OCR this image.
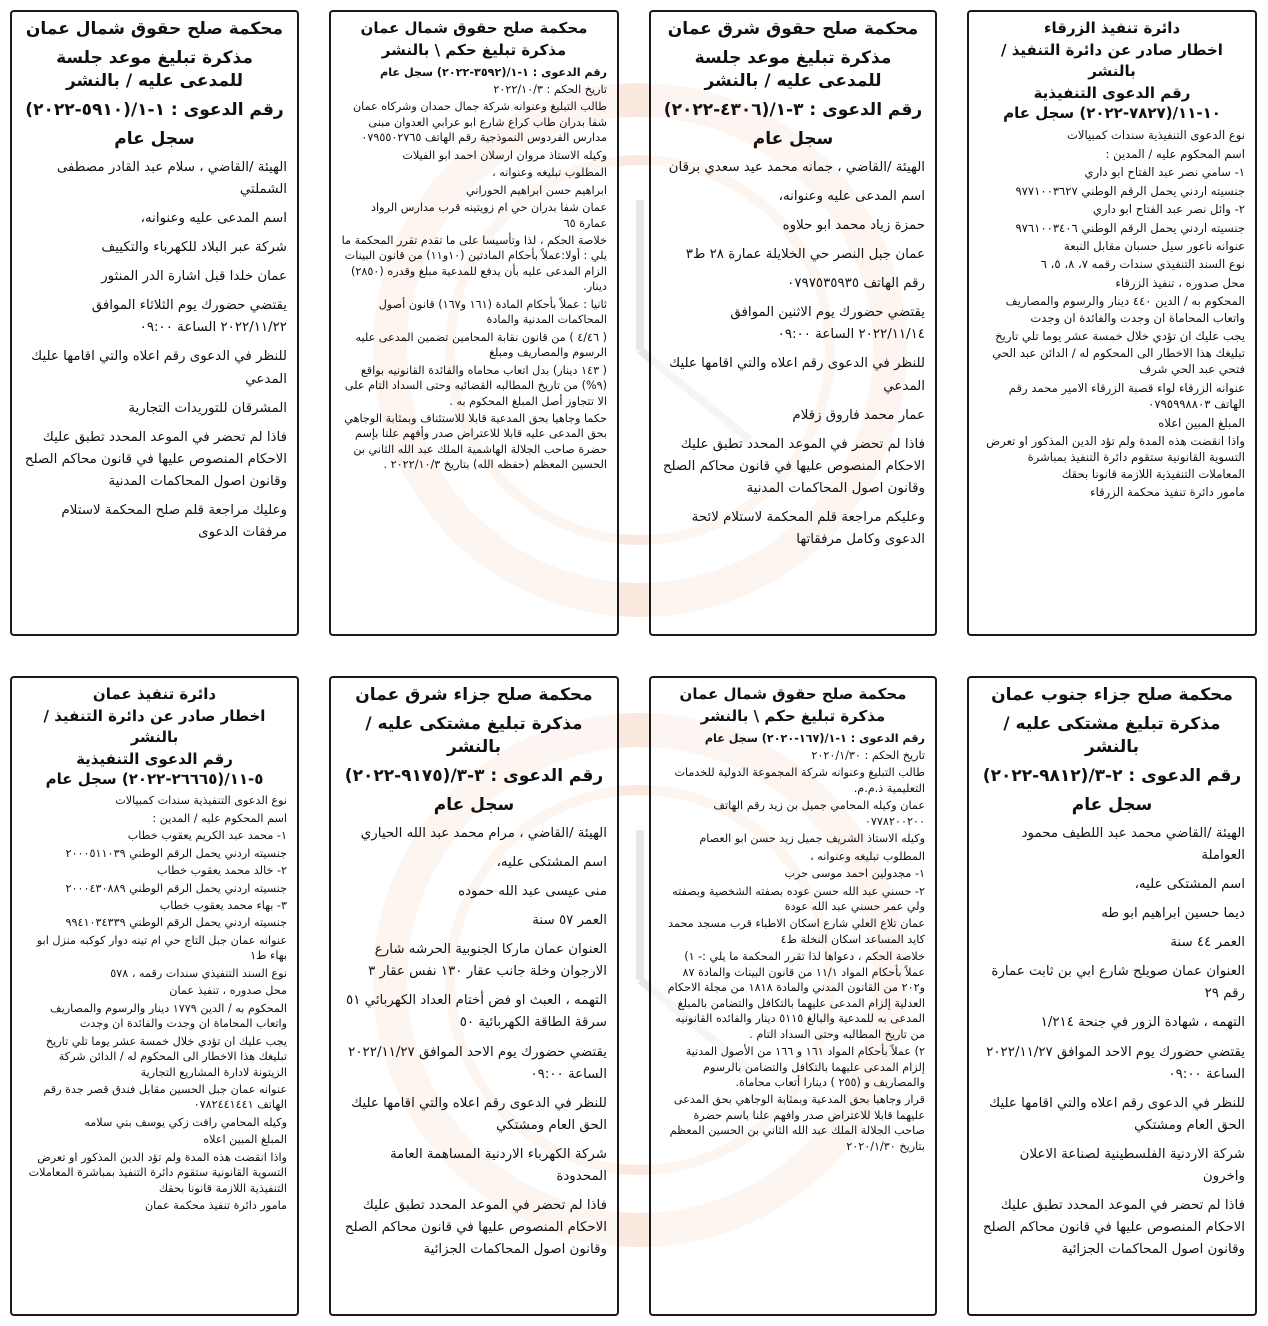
دائرة تنفيذ الزرقاء
اخطار صادر عن دائرة التنفيذ / بالنشر
رقم الدعوى التنفيذية ١٠-١١/(٧٨٢٧-٢٠٢٢) سجل عام

نوع الدعوى التنفيذية سندات كمبيالات

اسم المحكوم عليه / المدين :

١- سامي نصر عبد الفتاح ابو داري

جنسيته اردني يحمل الرقم الوطني ٩٧٧١٠٠٣٦٢٧

٢- وائل نصر عبد الفتاح ابو داري

جنسيته اردني يحمل الرقم الوطني ٩٧٦١٠٠٣٤٠٦

عنوانه ناعور سيل حسبان مقابل النبعة

نوع السند التنفيذي سندات رقمه ٧، ٨، ٥، ٦

محل صدوره ، تنفيذ الزرقاء

المحكوم به / الدين ٤٤٠ دينار والرسوم والمصاريف واتعاب المحاماة ان وجدت والفائدة ان وجدت

يجب عليك ان تؤدي خلال خمسة عشر يوما تلي تاريخ تبليغك هذا الاخطار الى المحكوم له / الدائن عبد الحي فتحي عبد الحي شرف

عنوانه الزرقاء لواء قصبة الزرقاء الامير محمد رقم الهاتف ٠٧٩٥٩٩٨٨٠٣

المبلغ المبين اعلاه

واذا انقضت هذه المدة ولم تؤد الدين المذكور او تعرض التسوية القانونية ستقوم دائرة التنفيذ بمباشرة المعاملات التنفيذية اللازمة قانونا بحقك

مامور دائرة تنفيذ محكمة الزرقاء

محكمة صلح حقوق شرق عمان
مذكرة تبليغ موعد جلسة للمدعى عليه / بالنشر
رقم الدعوى : ٣-١/(٤٣٠٦-٢٠٢٢)
سجل عام

الهيئة /القاضي ، جمانه محمد عيد سعدي برقان

اسم المدعى عليه وعنوانه،

حمزة زياد محمد ابو حلاوه

عمان جبل النصر حي الخلايلة عمارة ٢٨ ط٣

رقم الهاتف ٠٧٩٧٥٣٥٩٣٥

يقتضي حضورك يوم الاثنين الموافق ٢٠٢٢/١١/١٤ الساعة ٠٩:٠٠

للنظر في الدعوى رقم اعلاه والتي اقامها عليك المدعي

عمار محمد فاروق زقلام

فاذا لم تحضر في الموعد المحدد تطبق عليك الاحكام المنصوص عليها في قانون محاكم الصلح وقانون اصول المحاكمات المدنية

وعليكم مراجعة قلم المحكمة لاستلام لائحة الدعوى وكامل مرفقاتها

محكمة صلح حقوق شمال عمان
مذكرة تبليغ حكم \ بالنشر

رقم الدعوى : ١-١/(٣٥٩٢-٢٠٢٢) سجل عام

تاريخ الحكم : ٢٠٢٢/١٠/٣

طالب التبليغ وعنوانه شركة جمال حمدان وشركاه عمان شفا بدران طاب كراع شارع ابو عرابي العدوان مبنى مدارس الفردوس النموذجية رقم الهاتف ٠٧٩٥٥٠٢٧٦٥

وكيله الاستاذ مروان ارسلان احمد ابو الفيلات

المطلوب تبليغه وعنوانه ،

ابراهيم حسن ابراهيم الحوراني

عمان شفا بدران حي ام زويتينه قرب مدارس الرواد عمارة ٦٥

خلاصة الحكم ، لذا وتأسيسا على ما تقدم تقرر المحكمة ما يلي : أولا:عملاً بأحكام المادتين (١٠و١١) من قانون البينات الزام المدعى عليه بأن يدفع للمدعية مبلغ وقدره (٢٨٥٠) دينار.

ثانيا : عملاً بأحكام المادة (١٦١ و١٦٧) قانون أصول المحاكمات المدنية والمادة

( ٤/٤٦ ) من قانون نقابة المحامين تضمين المدعى عليه الرسوم والمصاريف ومبلغ

( ١٤٣ دينار) بدل اتعاب محاماه والفائدة القانونيه بواقع (٩%) من تاريخ المطالبه القضائيه وحتى السداد التام على الا تتجاوز أصل المبلغ المحكوم به .

حكما وجاهيا بحق المدعية قابلا للاستئناف وبمثابة الوجاهي بحق المدعى عليه قابلا للاعتراض صدر وأفهم علنا بإسم حضرة صاحب الجلالة الهاشمية الملك عبد الله الثاني بن الحسين المعظم (حفظه الله) بتاريخ ٢٠٢٢/١٠/٣ .

محكمة صلح حقوق شمال عمان
مذكرة تبليغ موعد جلسة للمدعى عليه / بالنشر
رقم الدعوى : ١-١/(٥٩١٠-٢٠٢٢)
سجل عام

الهيئة /القاضي ، سلام عبد القادر مصطفى الشملتي

اسم المدعى عليه وعنوانه،

شركة عبر البلاد للكهرباء والتكييف

عمان خلدا قبل اشارة الدر المنثور

يقتضي حضورك يوم الثلاثاء الموافق ٢٠٢٢/١١/٢٢ الساعة ٠٩:٠٠

للنظر في الدعوى رقم اعلاه والتي اقامها عليك المدعي

المشرقان للتوريدات التجارية

فاذا لم تحضر في الموعد المحدد تطبق عليك الاحكام المنصوص عليها في قانون محاكم الصلح وقانون اصول المحاكمات المدنية

وعليك مراجعة قلم صلح المحكمة لاستلام مرفقات الدعوى

محكمة صلح جزاء جنوب عمان
مذكرة تبليغ مشتكى عليه / بالنشر
رقم الدعوى : ٢-٣/(٩٨١٢-٢٠٢٢)
سجل عام

الهيئة /القاضي محمد عبد اللطيف محمود العواملة

اسم المشتكى عليه،

ديما حسين ابراهيم ابو طه

العمر ٤٤ سنة

العنوان عمان صويلح شارع ابي بن ثابت عمارة رقم ٢٩

التهمه ، شهادة الزور في جنحة ١/٢١٤

يقتضي حضورك يوم الاحد الموافق ٢٠٢٢/١١/٢٧ الساعة ٠٩:٠٠

للنظر في الدعوى رقم اعلاه والتي اقامها عليك الحق العام ومشتكي

شركة الاردنية الفلسطينية لصناعة الاعلان واخرون

فاذا لم تحضر في الموعد المحدد تطبق عليك الاحكام المنصوص عليها في قانون محاكم الصلح وقانون اصول المحاكمات الجزائية

محكمة صلح حقوق شمال عمان
مذكرة تبليغ حكم \ بالنشر

رقم الدعوى : ١-١/(١٦٧-٢٠٢٠) سجل عام

تاريخ الحكم : ٢٠٢٠/١/٣٠

طالب التبليغ وعنوانه شركة المجموعة الدولية للخدمات التعليمية ذ.م.م.

عمان وكيله المحامي جميل بن زيد رقم الهاتف ٠٧٧٨٢٠٠٢٠٠

وكيله الاستاذ الشريف جميل زيد حسن ابو العصام

المطلوب تبليغه وعنوانه ،

١- مجدولين احمد موسى حرب

٢- حسني عبد الله حسن عوده بصفته الشخصية وبصفته ولي عمر حسني عبد الله عودة

عمان تلاع العلي شارع اسكان الاطباء قرب مسجد محمد كايد المساعد اسكان النخلة ط٤

خلاصة الحكم ، دعواها لذا تقرر المحكمة ما يلي :- ١) عملاً بأحكام المواد ١١/١ من قانون البينات والمادة ٨٧ و٢٠٢ من القانون المدني والمادة ١٨١٨ من مجلة الاحكام العدلية إلزام المدعى عليهما بالتكافل والتضامن بالمبلغ المدعى به للمدعية والبالغ ٥١١٥ دينار والفائده القانونيه من تاريخ المطالبه وحتى السداد التام .

٢) عملاً بأحكام المواد ١٦١ و ١٦٦ من الأصول المدنية إلزام المدعى عليهما بالتكافل والتضامن بالرسوم والمصاريف و (٢٥٥ ) دينارا أتعاب محاماة.

قرار وجاهيا بحق المدعية وبمثابة الوجاهي بحق المدعى عليهما قابلا للاعتراض صدر وافهم علنا باسم حضرة صاحب الجلالة الملك عبد الله الثاني بن الحسين المعظم بتاريخ ٢٠٢٠/١/٣٠

محكمة صلح جزاء شرق عمان
مذكرة تبليغ مشتكى عليه / بالنشر
رقم الدعوى : ٣-٣/(٩١٧٥-٢٠٢٢)
سجل عام

الهيئة /القاضي ، مرام محمد عبد الله الحياري

اسم المشتكى عليه،

منى عيسى عبد الله حموده

العمر ٥٧ سنة

العنوان عمان ماركا الجنوبية الحرشه شارع الارجوان وخلة جانب عقار ١٣٠ نفس عقار ٣

التهمه ، العبث او فض أختام العداد الكهربائي ٥١ سرقة الطاقة الكهربائية ٥٠

يقتضي حضورك يوم الاحد الموافق ٢٠٢٢/١١/٢٧ الساعة ٠٩:٠٠

للنظر في الدعوى رقم اعلاه والتي اقامها عليك الحق العام ومشتكي

شركة الكهرباء الاردنية المساهمة العامة المحدودة

فاذا لم تحضر في الموعد المحدد تطبق عليك الاحكام المنصوص عليها في قانون محاكم الصلح وقانون اصول المحاكمات الجزائية

دائرة تنفيذ عمان
اخطار صادر عن دائرة التنفيذ / بالنشر
رقم الدعوى التنفيذية ٥-١١/(٢٦٦٦٥-٢٠٢٢) سجل عام

نوع الدعوى التنفيذية سندات كمبيالات

اسم المحكوم عليه / المدين :

١- محمد عبد الكريم يعقوب خطاب

جنسيته اردني يحمل الرقم الوطني ٢٠٠٠٥١١٠٣٩

٢- خالد محمد يعقوب خطاب

جنسيته اردني يحمل الرقم الوطني ٢٠٠٠٤٣٠٨٨٩

٣- بهاء محمد يعقوب خطاب

جنسيته اردني يحمل الرقم الوطني ٩٩٤١٠٣٤٣٣٩

عنوانه عمان جبل التاج حي ام تينه دوار كوكبه منزل ابو بهاء ط١

نوع السند التنفيذي سندات رقمه ، ٥٧٨

محل صدوره ، تنفيذ عمان

المحكوم به / الدين ١٧٧٩ دينار والرسوم والمصاريف واتعاب المحاماة ان وجدت والفائدة ان وجدت

يجب عليك ان تؤدي خلال خمسة عشر يوما تلي تاريخ تبليغك هذا الاخطار الى المحكوم له / الدائن شركة الزيتونة لادارة المشاريع التجارية

عنوانه عمان جبل الحسين مقابل فندق قصر جدة رقم الهاتف ٠٧٨٢٤٤١٤٤١

وكيله المحامي رافت زكي يوسف بني سلامه

المبلغ المبين اعلاه

واذا انقضت هذه المدة ولم تؤد الدين المذكور او تعرض التسوية القانونية ستقوم دائرة التنفيذ بمباشرة المعاملات التنفيذية اللازمة قانونا بحقك

مامور دائرة تنفيذ محكمة عمان
